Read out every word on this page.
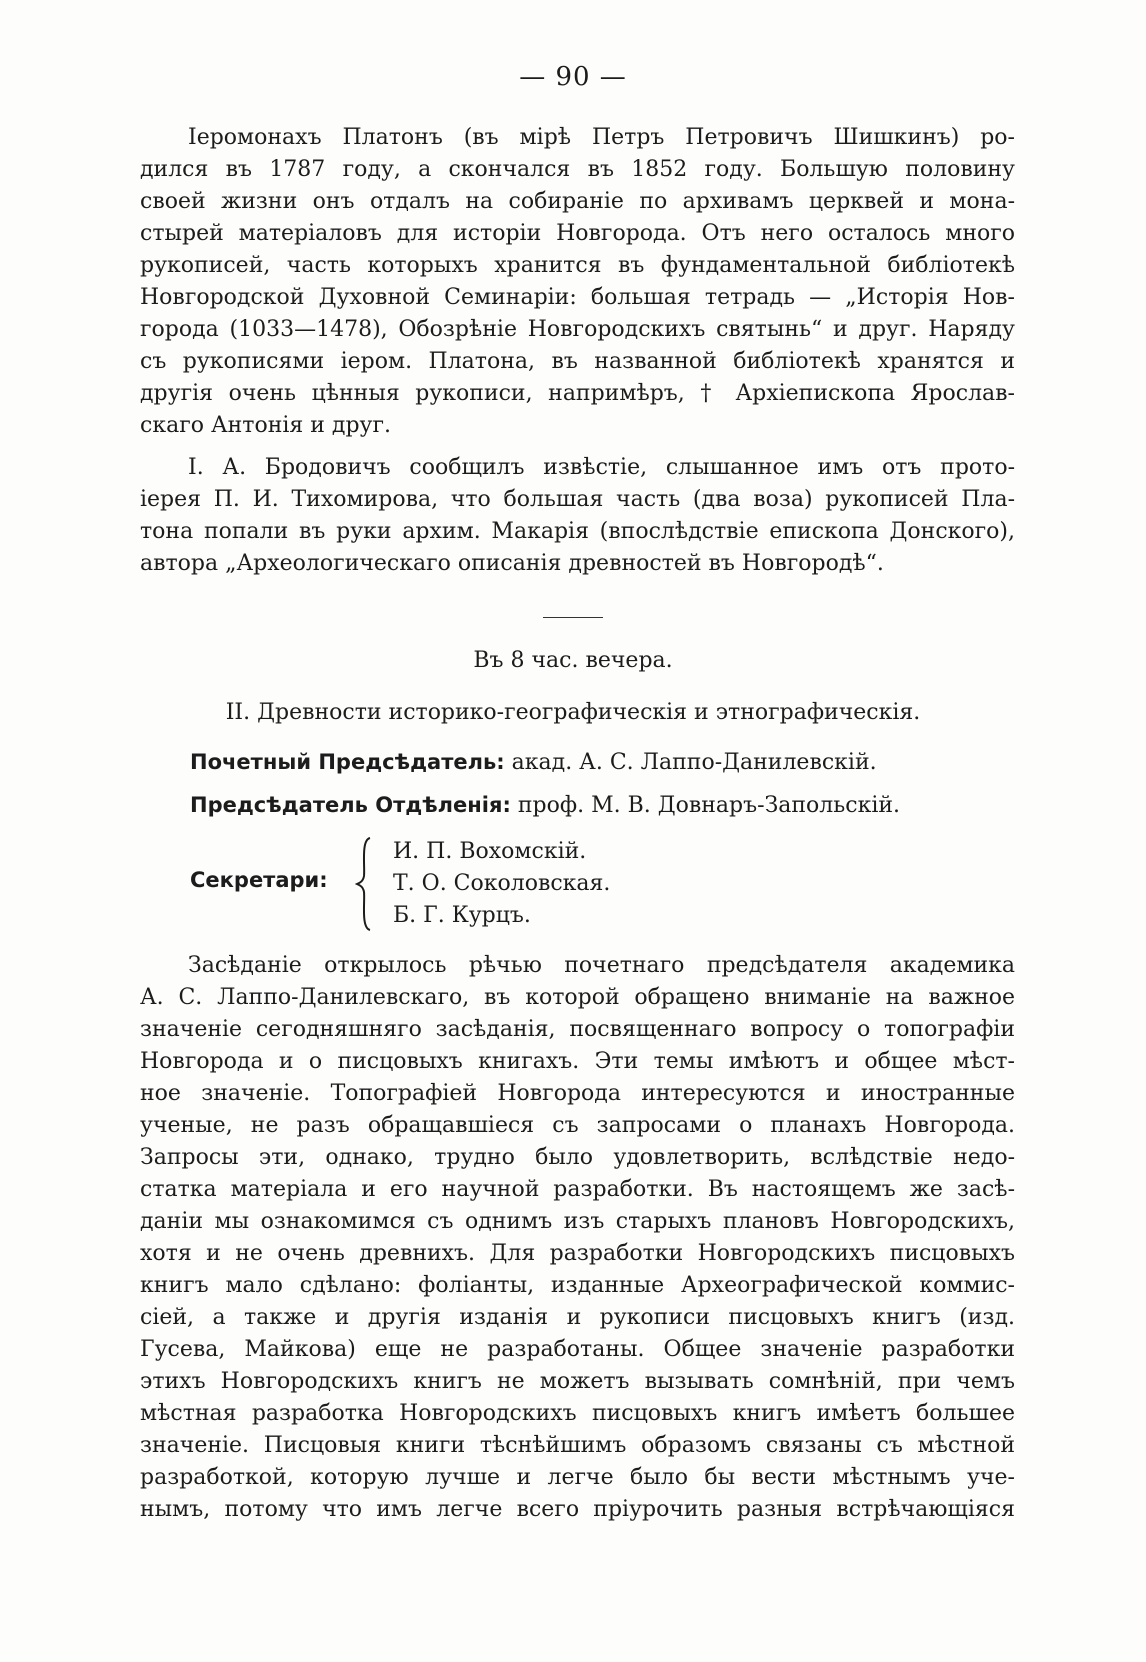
— 90 —
Іеромонахъ Платонъ (въ мірѣ Петръ Петровичъ Шишкинъ) ро-
дился въ 1787 году, а скончался въ 1852 году. Большую половину
своей жизни онъ отдалъ на собираніе по архивамъ церквей и мона-
стырей матеріаловъ для исторіи Новгорода. Отъ него осталось много
рукописей, часть которыхъ хранится въ фундаментальной библіотекѣ
Новгородской Духовной Семинаріи: большая тетрадь — „Исторія Нов-
города (1033—1478), Обозрѣніе Новгородскихъ святынь“ и друг. Наряду
съ рукописями іером. Платона, въ названной библіотекѣ хранятся и
другія очень цѣнныя рукописи, напримѣръ, † Архіепископа Ярослав-
скаго Антонія и друг.
І. А. Бродовичъ сообщилъ извѣстіе, слышанное имъ отъ прото-
іерея П. И. Тихомирова, что большая часть (два воза) рукописей Пла-
тона попали въ руки архим. Макарія (впослѣдствіе епископа Донского),
автора „Археологическаго описанія древностей въ Новгородѣ“.
Въ 8 час. вечера.
II. Древности историко-географическія и этнографическія.
Почетный Предсѣдатель: акад. А. С. Лаппо-Данилевскій.
Предсѣдатель Отдѣленія: проф. М. В. Довнаръ-Запольскій.
Секретари:
И. П. Вохомскій.
Т. О. Соколовская.
Б. Г. Курцъ.
Засѣданіе открылось рѣчью почетнаго предсѣдателя академика
А. С. Лаппо-Данилевскаго, въ которой обращено вниманіе на важное
значеніе сегодняшняго засѣданія, посвященнаго вопросу о топографіи
Новгорода и о писцовыхъ книгахъ. Эти темы имѣютъ и общее мѣст-
ное значеніе. Топографіей Новгорода интересуются и иностранные
ученые, не разъ обращавшіеся съ запросами о планахъ Новгорода.
Запросы эти, однако, трудно было удовлетворить, вслѣдствіе недо-
статка матеріала и его научной разработки. Въ настоящемъ же засѣ-
даніи мы ознакомимся съ однимъ изъ старыхъ плановъ Новгородскихъ,
хотя и не очень древнихъ. Для разработки Новгородскихъ писцовыхъ
книгъ мало сдѣлано: фоліанты, изданные Археографической коммис-
сіей, а также и другія изданія и рукописи писцовыхъ книгъ (изд.
Гусева, Майкова) еще не разработаны. Общее значеніе разработки
этихъ Новгородскихъ книгъ не можетъ вызывать сомнѣній, при чемъ
мѣстная разработка Новгородскихъ писцовыхъ книгъ имѣетъ большее
значеніе. Писцовыя книги тѣснѣйшимъ образомъ связаны съ мѣстной
разработкой, которую лучше и легче было бы вести мѣстнымъ уче-
нымъ, потому что имъ легче всего пріурочить разныя встрѣчающіяся
